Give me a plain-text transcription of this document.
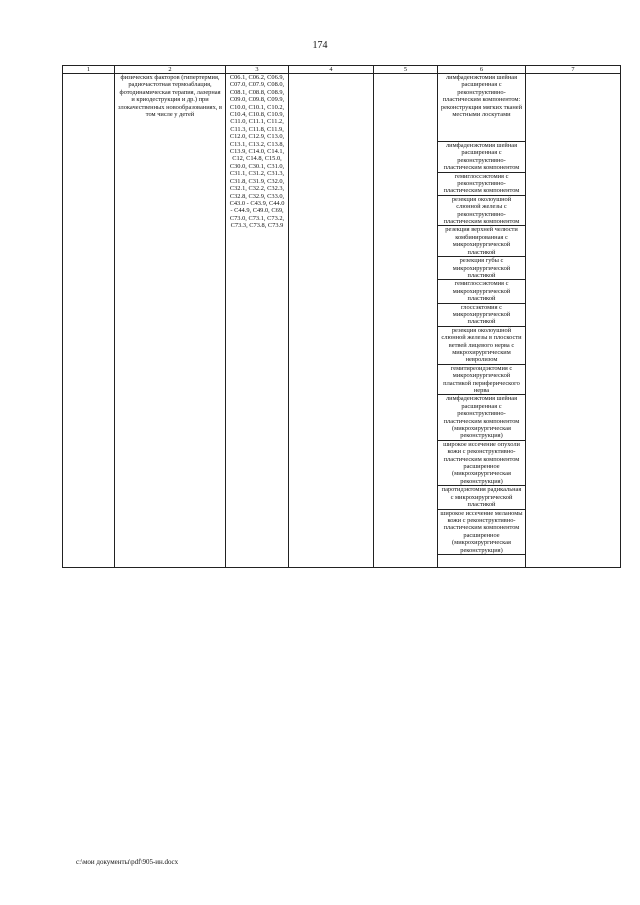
174
1	2	3	4	5	6	7
	физических факторов (гипертермия, радиочастотная термоаблация, фотодинамическая терапия, лазерная и криодеструкция и др.) при злокачественных новообразованиях, в том числе у детей	C06.1, C06.2, C06.9, C07.0, C07.9, C08.0, C08.1, C08.8, C08.9, C09.0, C09.8, C09.9, C10.0, C10.1, C10.2, C10.4, C10.8, C10.9, C11.0, C11.1, C11.2, C11.3, C11.8, C11.9, C12.0, C12.9, C13.0, C13.1, C13.2, C13.8, C13.9, C14.0, C14.1, C12, C14.8, C15.0, C30.0, C30.1, C31.0, C31.1, C31.2, C31.3, C31.8, C31.9, C32.0, C32.1, C32.2, C32.3, C32.8, C32.9, C33.0, C43.0 - C43.9, C44.0 - C44.9, C49.0, C69, C73.0, C73.1, C73.2, C73.3, C73.8, C73.9			лимфаденэктомия шейная расширенная с реконструктивно-пластическим компонентом: реконструкция мягких тканей местными лоскутами	
					лимфаденэктомия шейная расширенная с реконструктивно-пластическим компонентом	
					гемиглоссэктомия с реконструктивно-пластическим компонентом	
					резекция околоушной слюнной железы с реконструктивно-пластическим компонентом	
					резекция верхней челюсти комбинированная с микрохирургической пластикой	
					резекция губы с микрохирургической пластикой	
					гемиглоссэктомия с микрохирургической пластикой	
					глоссэктомия с микрохирургической пластикой	
					резекция околоушной слюнной железы в плоскости ветвей лицевого нерва с микрохирургическим невролизом	
					гемитиреоидэктомия с микрохирургической пластикой периферического нерва	
					лимфаденэктомия шейная расширенная с реконструктивно-пластическим компонентом (микрохирургическая реконструкция)	
					широкое иссечение опухоли кожи с реконструктивно-пластическим компонентом расширенное (микрохирургическая реконструкция)	
					паротидэктомия радикальная с микрохирургической пластикой	
					широкое иссечение меланомы кожи с реконструктивно-пластическим компонентом расширенное (микрохирургическая реконструкция)	

c:\мои документы\pdf\905-ин.docx
